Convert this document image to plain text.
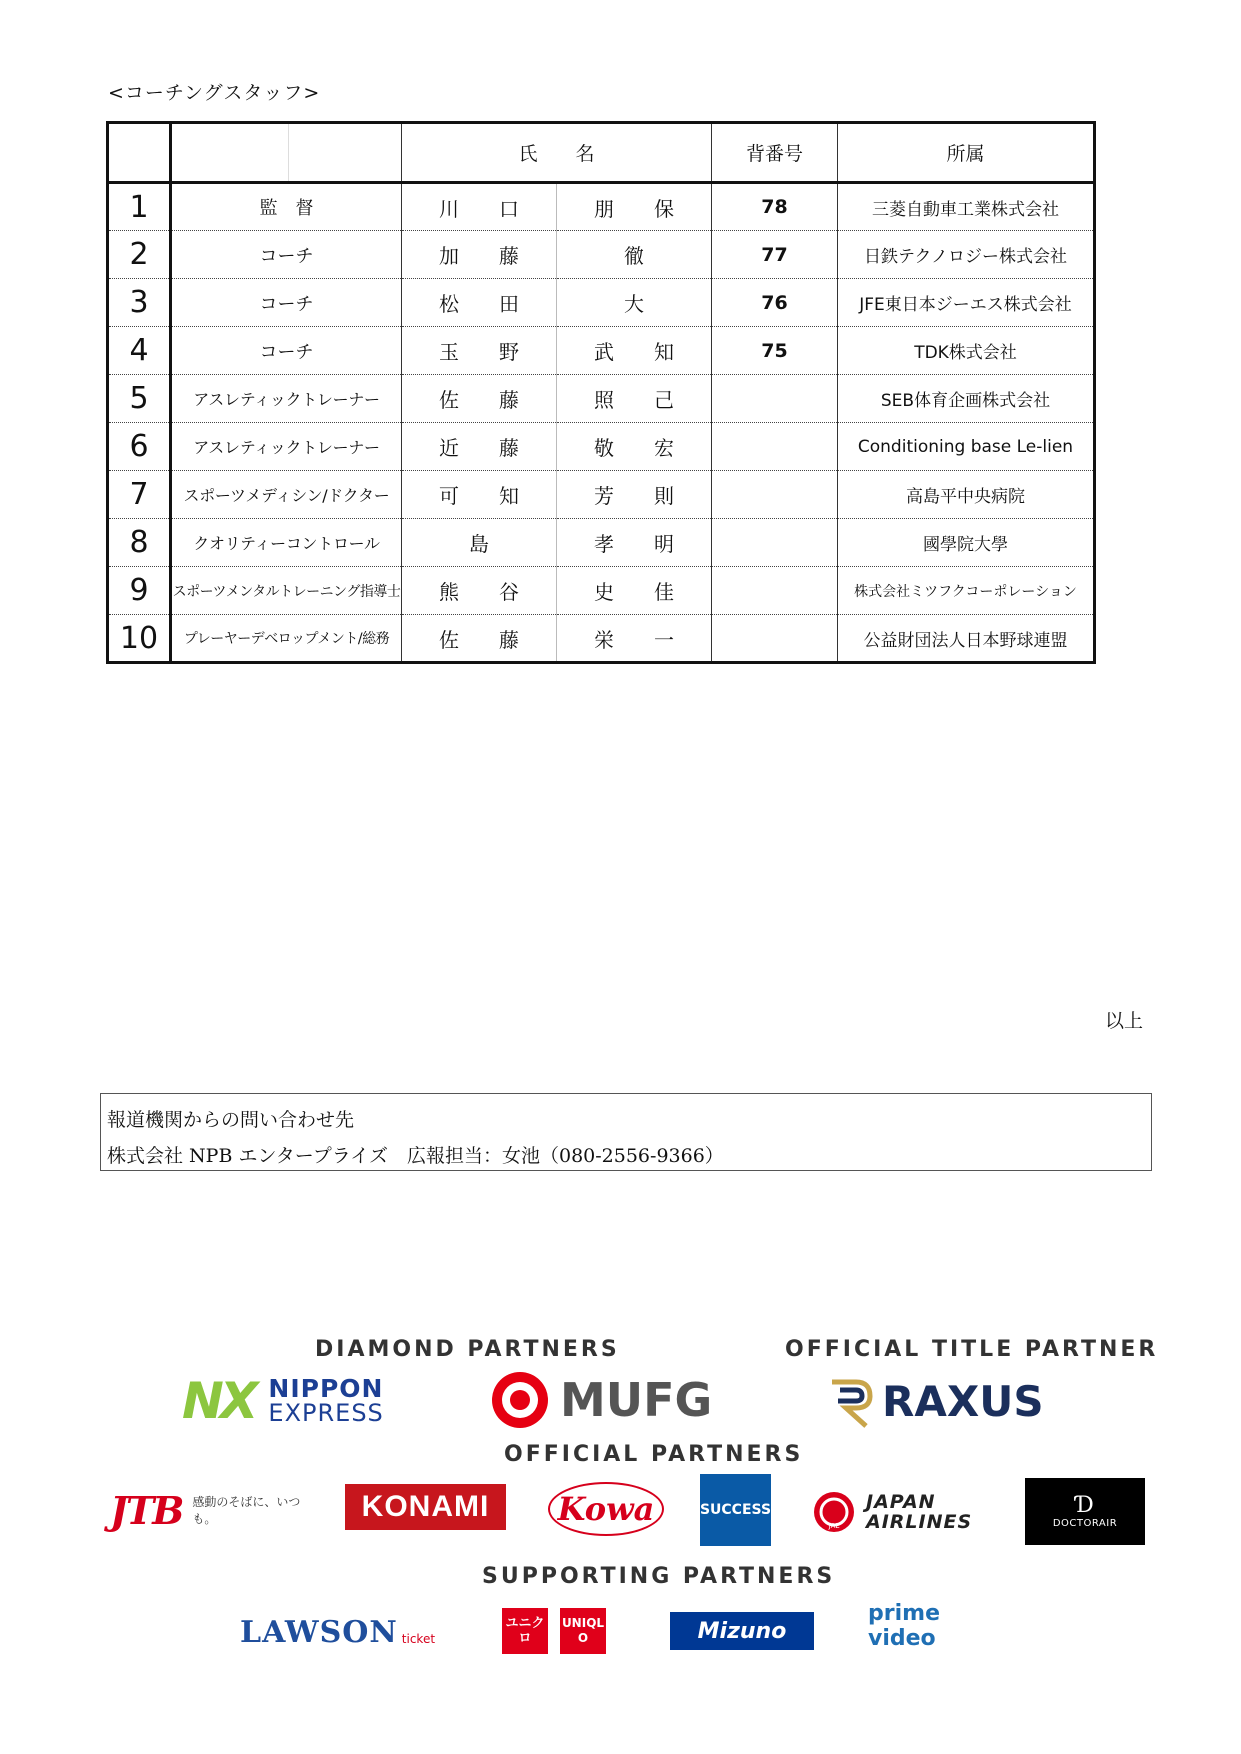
<コーチングスタッフ>
		氏　　名		背番号	所属
1	監　督	川　　口	朋　　保	78	三菱自動車工業株式会社
2	コーチ	加　　藤	徹	77	日鉄テクノロジー株式会社
3	コーチ	松　　田	大	76	JFE東日本ジーエス株式会社
4	コーチ	玉　　野	武　　知	75	TDK株式会社
5	アスレティックトレーナー	佐　　藤	照　　己		SEB体育企画株式会社
6	アスレティックトレーナー	近　　藤	敬　　宏		Conditioning base Le-lien
7	スポーツメディシン/ドクター	可　　知	芳　　則		高島平中央病院
8	クオリティーコントロール	島	孝　　明		國學院大學
9	スポーツメンタルトレーニング指導士	熊　　谷	史　　佳		株式会社ミツフクコーポレーション
10	プレーヤーデベロップメント/総務	佐　　藤	栄　　一		公益財団法人日本野球連盟
以上
報道機関からの問い合わせ先
株式会社 NPB エンタープライズ　広報担当：女池（080-2556-9366）
DIAMOND PARTNERS	OFFICIAL TITLE PARTNER
OFFICIAL PARTNERS
SUPPORTING PARTNERS
NX NIPPON
EXPRESS	MUFG	RAXUS
JTB 感動のそばに、いつも。	KONAMI Kowa	SUCCESS
JAL
JAPAN
AIRLINES
Ɗ
DOCTORAIR
LAWSON ticket
ユニクロ
UNIQLO	Mizuno
prime video
